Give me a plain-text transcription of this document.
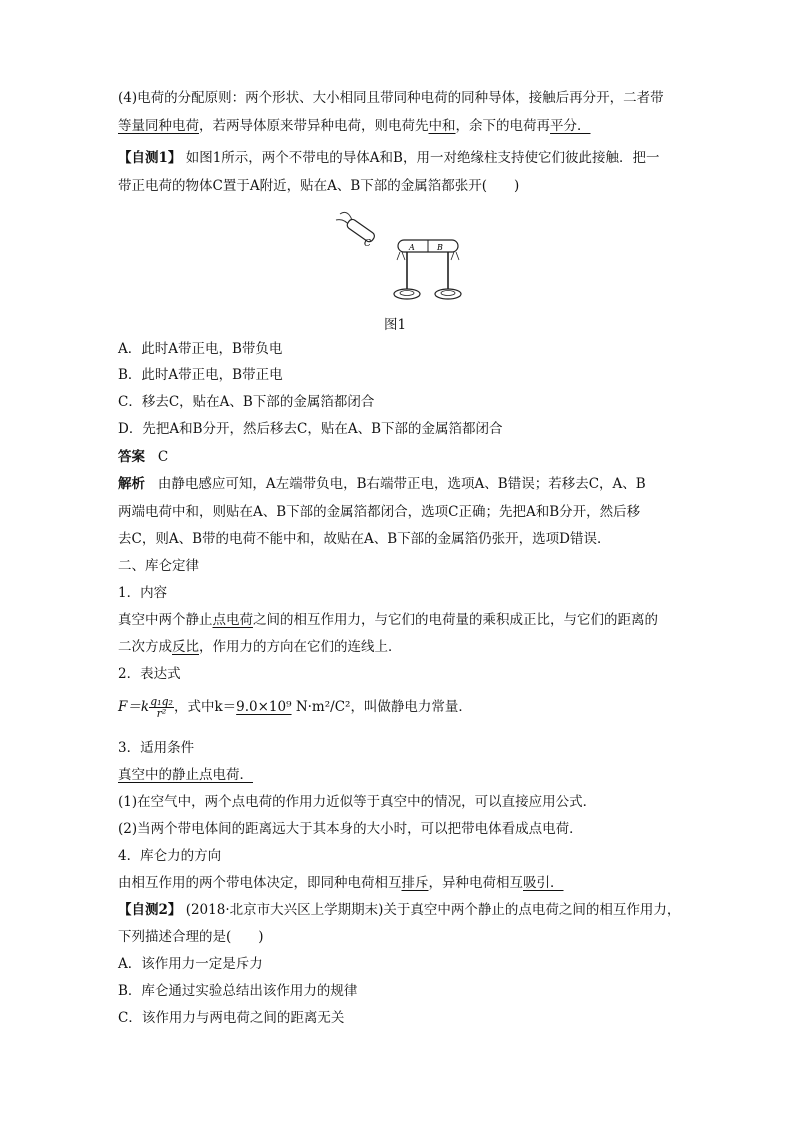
(4)电荷的分配原则：两个形状、大小相同且带同种电荷的同种导体，接触后再分开，二者带
等量同种电荷，若两导体原来带异种电荷，则电荷先中和，余下的电荷再平分．
【自测1】 如图1所示，两个不带电的导体A和B，用一对绝缘柱支持使它们彼此接触．把一
带正电荷的物体C置于A附近，贴在A、B下部的金属箔都张开(　　)
C	A	B
图1
A．此时A带正电，B带负电
B．此时A带正电，B带正电
C．移去C，贴在A、B下部的金属箔都闭合
D．先把A和B分开，然后移去C，贴在A、B下部的金属箔都闭合
答案 C
解析 由静电感应可知，A左端带负电，B右端带正电，选项A、B错误；若移去C，A、B
两端电荷中和，则贴在A、B下部的金属箔都闭合，选项C正确；先把A和B分开，然后移
去C，则A、B带的电荷不能中和，故贴在A、B下部的金属箔仍张开，选项D错误．
二、库仑定律
1．内容
真空中两个静止点电荷之间的相互作用力，与它们的电荷量的乘积成正比，与它们的距离的
二次方成反比，作用力的方向在它们的连线上．
2．表达式
$F=k \frac{\text{q₁q₂}}{\text{r²}}$ ，式中k＝9.0×10⁹ N·m²/C²，叫做静电力常量．
3．适用条件
真空中的静止点电荷．
(1)在空气中，两个点电荷的作用力近似等于真空中的情况，可以直接应用公式．
(2)当两个带电体间的距离远大于其本身的大小时，可以把带电体看成点电荷．
4．库仑力的方向
由相互作用的两个带电体决定，即同种电荷相互排斥，异种电荷相互吸引．
【自测2】 (2018·北京市大兴区上学期期末)关于真空中两个静止的点电荷之间的相互作用力，
下列描述合理的是(　　)
A．该作用力一定是斥力
B．库仑通过实验总结出该作用力的规律
C．该作用力与两电荷之间的距离无关
